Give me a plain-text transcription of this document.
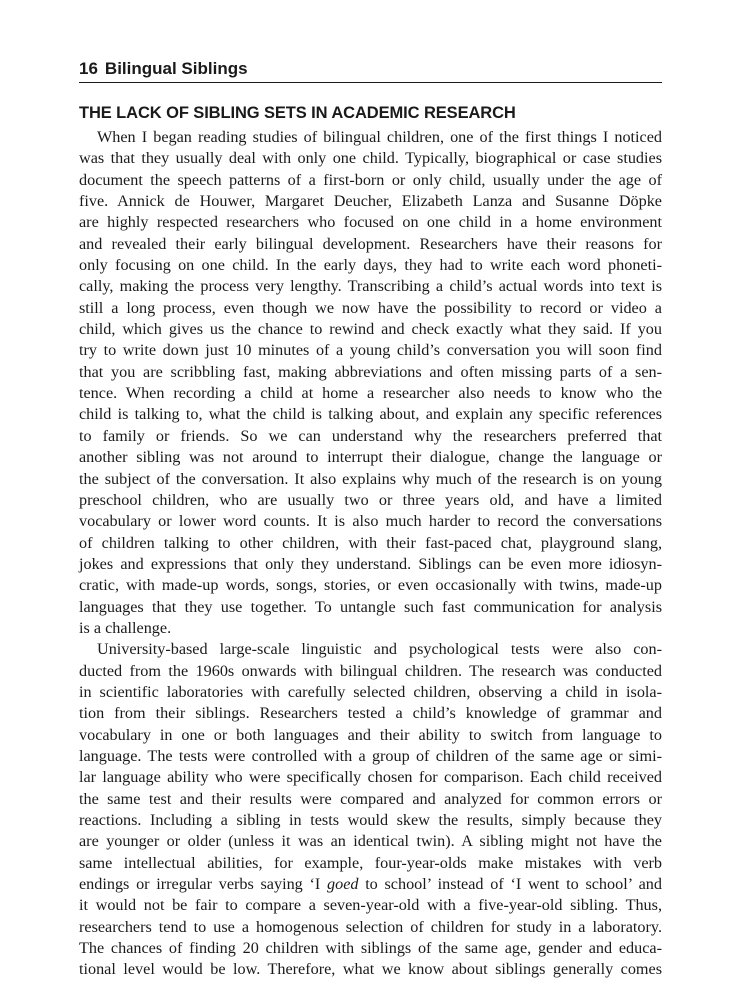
16 Bilingual Siblings
THE LACK OF SIBLING SETS IN ACADEMIC RESEARCH
When I began reading studies of bilingual children, one of the first things I noticed
was that they usually deal with only one child. Typically, biographical or case studies
document the speech patterns of a first-born or only child, usually under the age of
five. Annick de Houwer, Margaret Deucher, Elizabeth Lanza and Susanne Döpke
are highly respected researchers who focused on one child in a home environment
and revealed their early bilingual development. Researchers have their reasons for
only focusing on one child. In the early days, they had to write each word phoneti-
cally, making the process very lengthy. Transcribing a child’s actual words into text is
still a long process, even though we now have the possibility to record or video a
child, which gives us the chance to rewind and check exactly what they said. If you
try to write down just 10 minutes of a young child’s conversation you will soon find
that you are scribbling fast, making abbreviations and often missing parts of a sen-
tence. When recording a child at home a researcher also needs to know who the
child is talking to, what the child is talking about, and explain any specific references
to family or friends. So we can understand why the researchers preferred that
another sibling was not around to interrupt their dialogue, change the language or
the subject of the conversation. It also explains why much of the research is on young
preschool children, who are usually two or three years old, and have a limited
vocabulary or lower word counts. It is also much harder to record the conversations
of children talking to other children, with their fast-paced chat, playground slang,
jokes and expressions that only they understand. Siblings can be even more idiosyn-
cratic, with made-up words, songs, stories, or even occasionally with twins, made-up
languages that they use together. To untangle such fast communication for analysis
is a challenge.
University-based large-scale linguistic and psychological tests were also con-
ducted from the 1960s onwards with bilingual children. The research was conducted
in scientific laboratories with carefully selected children, observing a child in isola-
tion from their siblings. Researchers tested a child’s knowledge of grammar and
vocabulary in one or both languages and their ability to switch from language to
language. The tests were controlled with a group of children of the same age or simi-
lar language ability who were specifically chosen for comparison. Each child received
the same test and their results were compared and analyzed for common errors or
reactions. Including a sibling in tests would skew the results, simply because they
are younger or older (unless it was an identical twin). A sibling might not have the
same intellectual abilities, for example, four-year-olds make mistakes with verb
endings or irregular verbs saying ‘I goed to school’ instead of ‘I went to school’ and
it would not be fair to compare a seven-year-old with a five-year-old sibling. Thus,
researchers tend to use a homogenous selection of children for study in a laboratory.
The chances of finding 20 children with siblings of the same age, gender and educa-
tional level would be low. Therefore, what we know about siblings generally comes
